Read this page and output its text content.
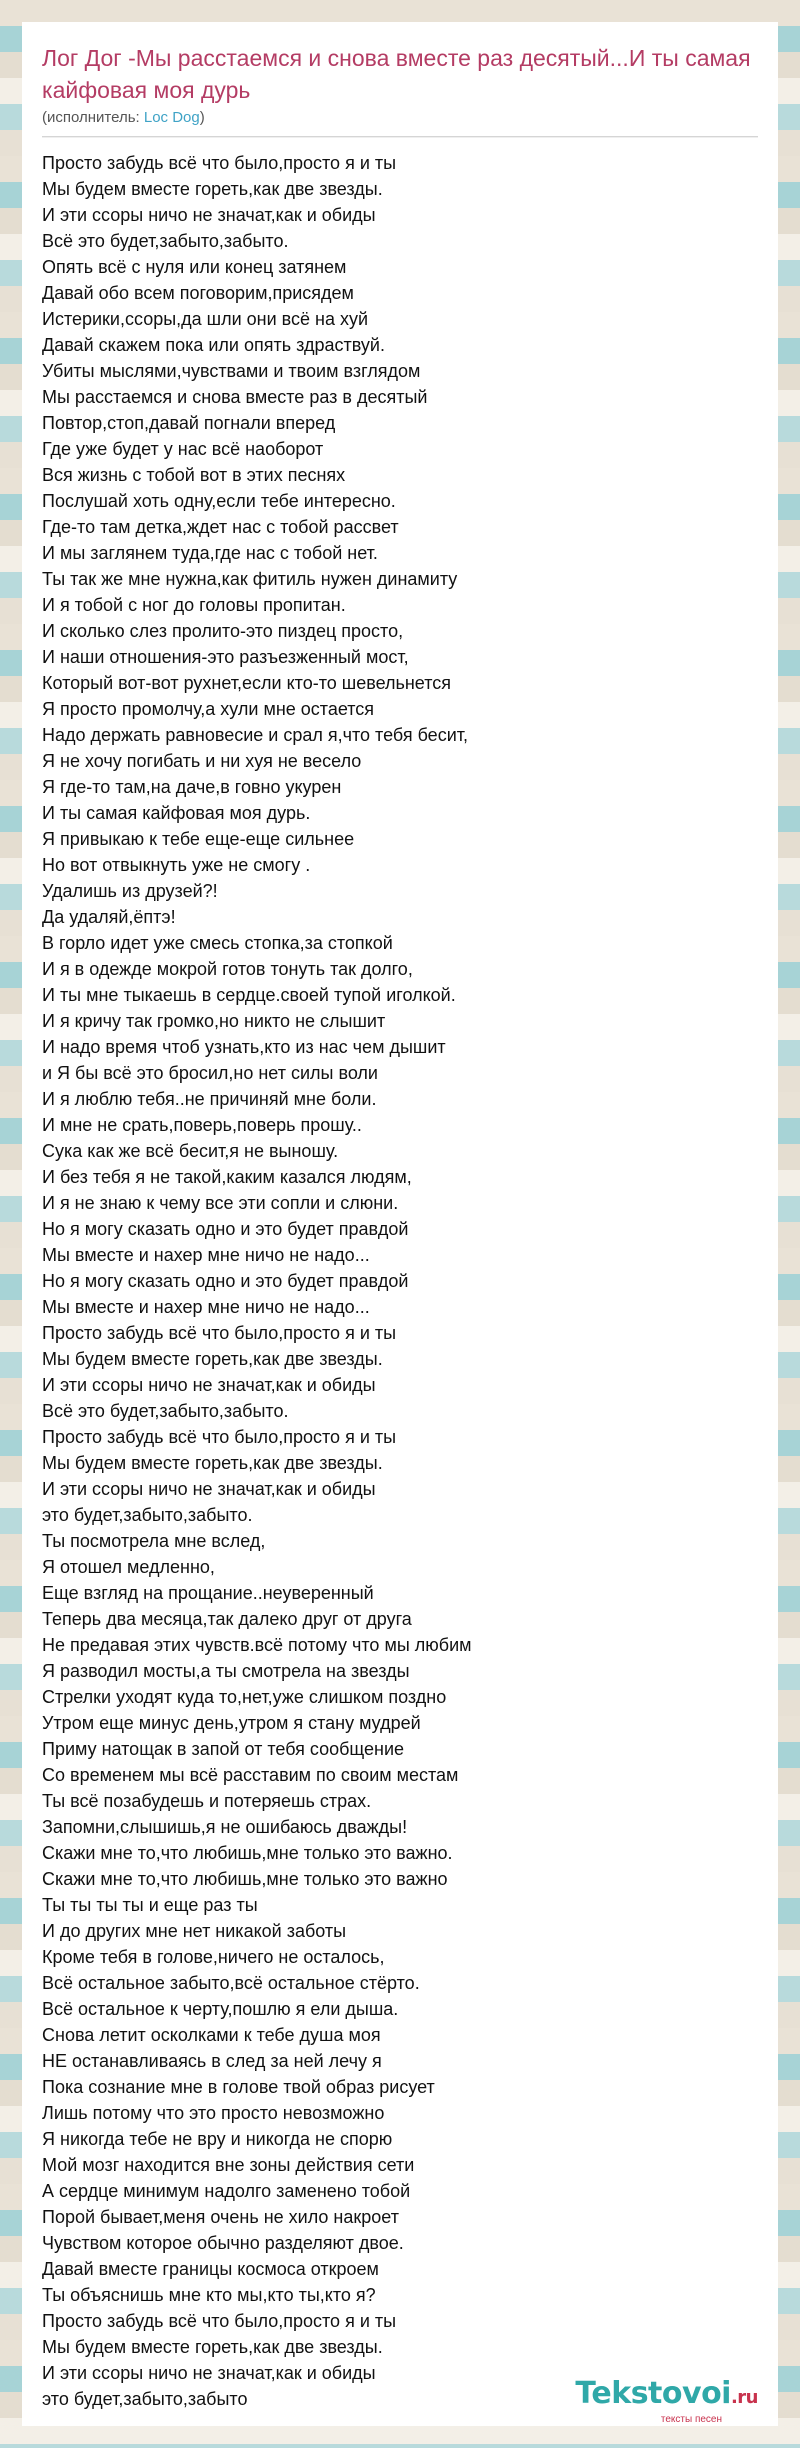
Лог Дог -Мы расстаемся и снова вместе раз десятый...И ты самая кайфовая моя дурь
(исполнитель: Loc Dog)
Просто забудь всё что было,просто я и ты
Мы будем вместе гореть,как две звезды.
И эти ссоры ничо не значат,как и обиды
Всё это будет,забыто,забыто.
Опять всё с нуля или конец затянем
Давай обо всем поговорим,присядем
Истерики,ссоры,да шли они всё на хуй
Давай скажем пока или опять здраствуй.
Убиты мыслями,чувствами и твоим взглядом
Мы расстаемся и снова вместе раз в десятый
Повтор,стоп,давай погнали вперед
Где уже будет у нас всё наоборот
Вся жизнь с тобой вот в этих песнях
Послушай хоть одну,если тебе интересно.
Где-то там детка,ждет нас с тобой рассвет
И мы заглянем туда,где нас с тобой нет.
Ты так же мне нужна,как фитиль нужен динамиту
И я тобой с ног до головы пропитан.
И сколько слез пролито-это пиздец просто,
И наши отношения-это разъезженный мост,
Который вот-вот рухнет,если кто-то шевельнется
Я просто промолчу,а хули мне остается
Надо держать равновесие и срал я,что тебя бесит,
Я не хочу погибать и ни хуя не весело
Я где-то там,на даче,в говно укурен
И ты самая кайфовая моя дурь.
Я привыкаю к тебе еще-еще сильнее
Но вот отвыкнуть уже не смогу .
Удалишь из друзей?!
Да удаляй,ёптэ!
В горло идет уже смесь стопка,за стопкой
И я в одежде мокрой готов тонуть так долго,
И ты мне тыкаешь в сердце.своей тупой иголкой.
И я кричу так громко,но никто не слышит
И надо время чтоб узнать,кто из нас чем дышит
и Я бы всё это бросил,но нет силы воли
И я люблю тебя..не причиняй мне боли.
И мне не срать,поверь,поверь прошу..
Сука как же всё бесит,я не выношу.
И без тебя я не такой,каким казался людям,
И я не знаю к чему все эти сопли и слюни.
Но я могу сказать одно и это будет правдой
Мы вместе и нахер мне ничо не надо...
Но я могу сказать одно и это будет правдой
Мы вместе и нахер мне ничо не надо...
Просто забудь всё что было,просто я и ты
Мы будем вместе гореть,как две звезды.
И эти ссоры ничо не значат,как и обиды
Всё это будет,забыто,забыто.
Просто забудь всё что было,просто я и ты
Мы будем вместе гореть,как две звезды.
И эти ссоры ничо не значат,как и обиды
это будет,забыто,забыто.
Ты посмотрела мне вслед,
Я отошел медленно,
Еще взгляд на прощание..неуверенный
Теперь два месяца,так далеко друг от друга
Не предавая этих чувств.всё потому что мы любим
Я разводил мосты,а ты смотрела на звезды
Стрелки уходят куда то,нет,уже слишком поздно
Утром еще минус день,утром я стану мудрей
Приму натощак в запой от тебя сообщение
Со временем мы всё расставим по своим местам
Ты всё позабудешь и потеряешь страх.
Запомни,слышишь,я не ошибаюсь дважды!
Скажи мне то,что любишь,мне только это важно.
Скажи мне то,что любишь,мне только это важно
Ты ты ты ты и еще раз ты
И до других мне нет никакой заботы
Кроме тебя в голове,ничего не осталось,
Всё остальное забыто,всё остальное стёрто.
Всё остальное к черту,пошлю я ели дыша.
Снова летит осколками к тебе душа моя
НЕ останавливаясь в след за ней лечу я
Пока сознание мне в голове твой образ рисует
Лишь потому что это просто невозможно
Я никогда тебе не вру и никогда не спорю
Мой мозг находится вне зоны действия сети
А сердце минимум надолго заменено тобой
Порой бывает,меня очень не хило накроет
Чувством которое обычно разделяют двое.
Давай вместе границы космоса откроем
Ты объяснишь мне кто мы,кто ты,кто я?
Просто забудь всё что было,просто я и ты
Мы будем вместе гореть,как две звезды.
И эти ссоры ничо не значат,как и обиды
это будет,забыто,забыто	Tekstovoi.ru
тексты песен
